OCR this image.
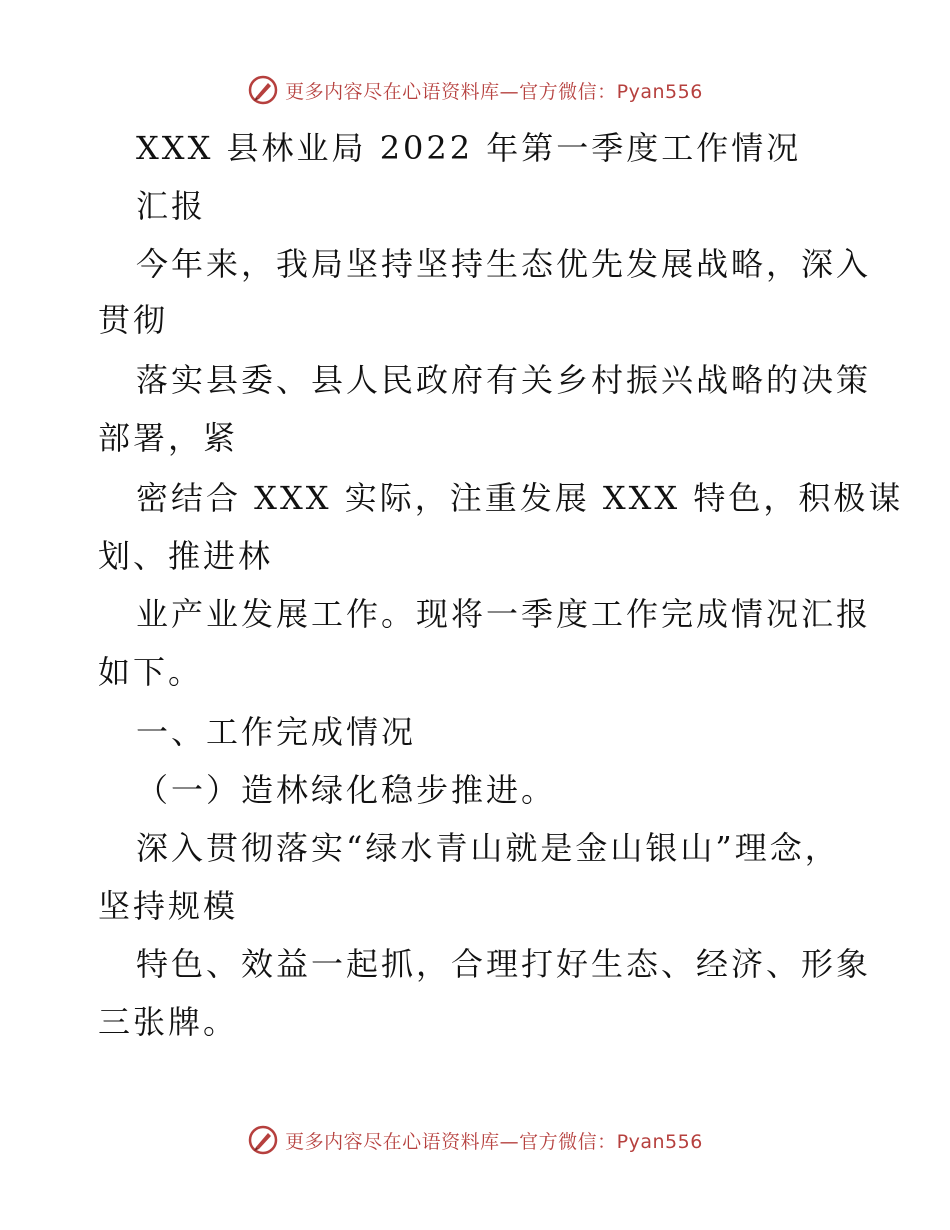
更多内容尽在心语资料库—官方微信：Pyan556
XXX 县林业局 2022 年第一季度工作情况
汇报
今年来，我局坚持坚持生态优先发展战略，深入
贯彻
落实县委、县人民政府有关乡村振兴战略的决策
部署，紧
密结合 XXX 实际，注重发展 XXX 特色，积极谋
划、推进林
业产业发展工作。现将一季度工作完成情况汇报
如下。
一、工作完成情况
（一）造林绿化稳步推进。
深入贯彻落实“绿水青山就是金山银山”理念，
坚持规模
特色、效益一起抓，合理打好生态、经济、形象
三张牌。
更多内容尽在心语资料库—官方微信：Pyan556
